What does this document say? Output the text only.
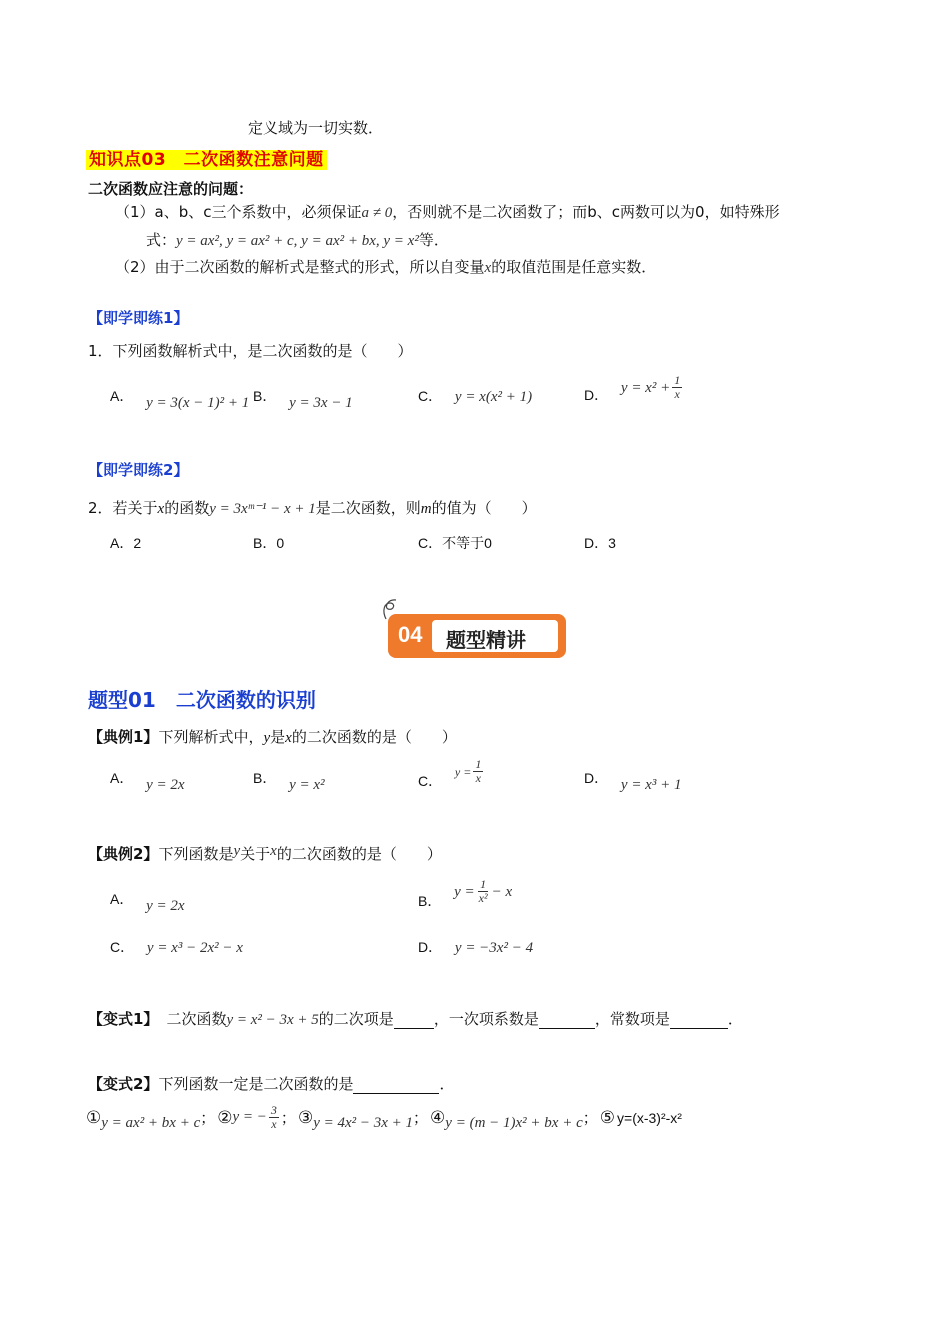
定义域为一切实数．
知识点03　二次函数注意问题
二次函数应注意的问题：
（1）a、b、c三个系数中，必须保证a ≠ 0，否则就不是二次函数了；而b、c两数可以为0，如特殊形
式：y = ax², y = ax² + c, y = ax² + bx, y = x²等．
（2）由于二次函数的解析式是整式的形式，所以自变量x的取值范围是任意实数．
【即学即练1】
1．下列函数解析式中，是二次函数的是（　　）
A． y = 3(x − 1)² + 1 B． y = 3x − 1	C． y = x(x² + 1)	D． $y = x^2 + \frac{1}{x}$
【即学即练2】
2．若关于x的函数y = 3xᵐ⁻¹ − x + 1是二次函数，则m的值为（　　）
A．2	B．0	C．不等于0	D．3
04 题型精讲
题型01　二次函数的识别
【典例1】下列解析式中，y是x的二次函数的是（　　）
A． y = 2x	B． y = x²	C． $y = \frac{1}{x}$	D． y = x³ + 1
【典例2】下列函数是y关于x的二次函数的是（　　）
A． y = 2x	B． $y = \frac{1}{\text{x²}} - x$
C． y = x³ − 2x² − x	D． y = −3x² − 4
【变式1】 二次函数y = x² − 3x + 5的二次项是	，一次项系数是	，常数项是	．
【变式2】下列函数一定是二次函数的是	．
① y = ax² + bx + c ； ② y = − $\frac{3}{x}$ ； ③ y = 4x² − 3x + 1 ； ④ y = (m − 1)x² + bx + c ； ⑤ y=(x-3)²-x²
